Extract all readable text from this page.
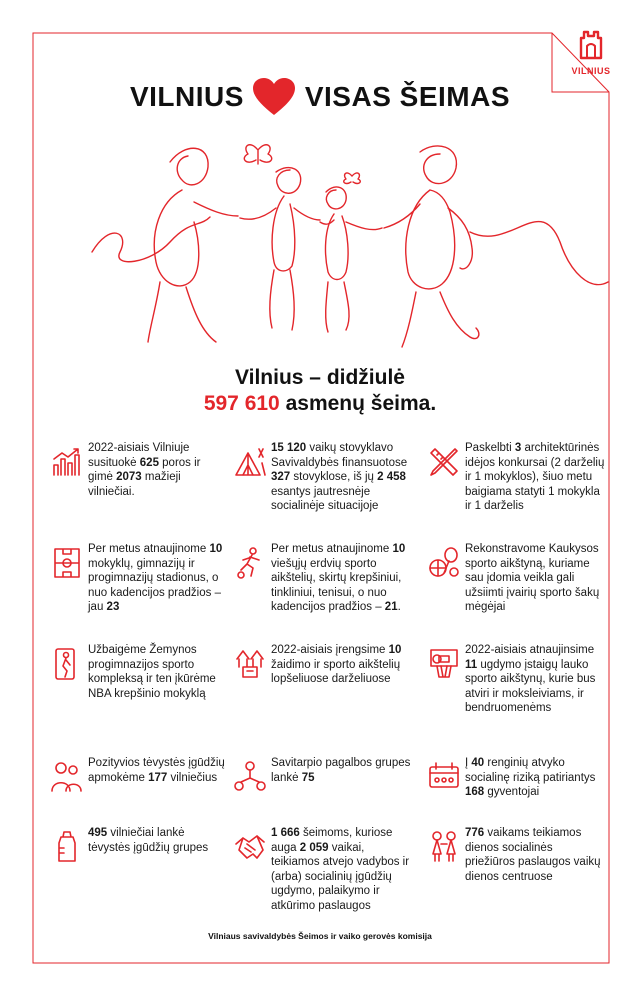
VILNIUS
VILNIUS VISAS ŠEIMAS
Vilnius – didžiulė
597 610 asmenų šeima.
2022-aisiais Vilniuje susituokė 625 poros ir gimė 2073 mažieji vilniečiai.
15 120 vaikų stovyklavo Savivaldybės finansuotose 327 stovyklose, iš jų 2 458 esantys jautresnėje socialinėje situacijoje
Paskelbti 3 architektūrinės idėjos konkursai (2 darželių ir 1 mokyklos), šiuo metu baigiama statyti 1 mokykla ir 1 darželis
Per metus atnaujinome 10 mokyklų, gimnazijų ir progimnazijų stadionus, o nuo kadencijos pradžios – jau 23
Per metus atnaujinome 10 viešųjų erdvių sporto aikštelių, skirtų krepšiniui, tinkliniui, tenisui, o nuo kadencijos pradžios – 21.
Rekonstravome Kaukysos sporto aikštyną, kuriame sau įdomia veikla gali užsiimti įvairių sporto šakų mėgėjai
Užbaigėme Žemynos progimnazijos sporto kompleksą ir ten įkūrėme NBA krepšinio mokyklą
2022-aisiais įrengsime 10 žaidimo ir sporto aikštelių lopšeliuose darželiuose
2022-aisiais atnaujinsime 11 ugdymo įstaigų lauko sporto aikštynų, kurie bus atviri ir moksleiviams, ir bendruomenėms
Pozityvios tėvystės įgūdžių apmokėme 177 vilniečius
Savitarpio pagalbos grupes lankė 75
Į 40 renginių atvyko socialinę riziką patiriantys 168 gyventojai
495 vilniečiai lankė tėvystės įgūdžių grupes
1 666 šeimoms, kuriose auga 2 059 vaikai, teikiamos atvejo vadybos ir (arba) socialinių įgūdžių ugdymo, palaikymo ir atkūrimo paslaugos
776 vaikams teikiamos dienos socialinės priežiūros paslaugos vaikų dienos centruose
Vilniaus savivaldybės Šeimos ir vaiko gerovės komisija
